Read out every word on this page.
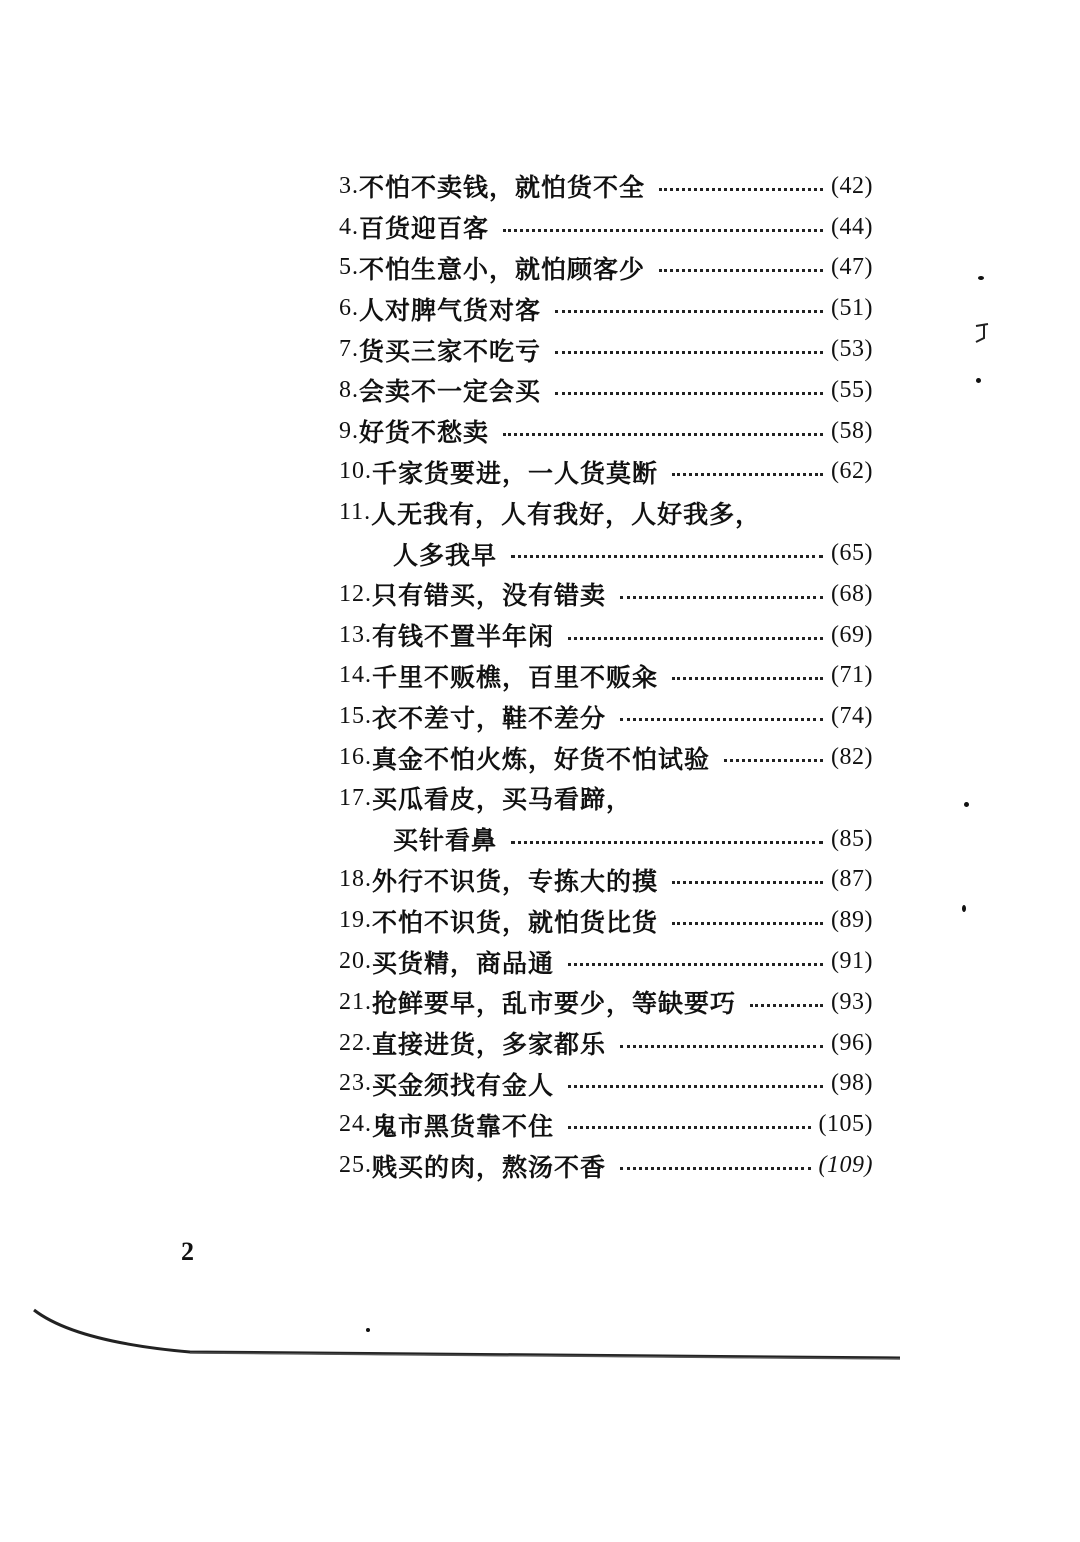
3. 不怕不卖钱，就怕货不全	(42)
4. 百货迎百客	(44)
5. 不怕生意小，就怕顾客少	(47)
6. 人对脾气货对客	(51)
7. 货买三家不吃亏	(53)
8. 会卖不一定会买	(55)
9. 好货不愁卖	(58)
10. 千家货要进，一人货莫断	(62)
11. 人无我有，人有我好，人好我多，
人多我早	(65)
12. 只有错买，没有错卖	(68)
13. 有钱不置半年闲	(69)
14. 千里不贩樵，百里不贩籴	(71)
15. 衣不差寸，鞋不差分	(74)
16. 真金不怕火炼，好货不怕试验	(82)
17. 买瓜看皮，买马看蹄，
买针看鼻	(85)
18. 外行不识货，专拣大的摸	(87)
19. 不怕不识货，就怕货比货	(89)
20. 买货精，商品通	(91)
21. 抢鲜要早，乱市要少，等缺要巧	(93)
22. 直接进货，多家都乐	(96)
23. 买金须找有金人	(98)
24. 鬼市黑货靠不住	(105)
25. 贱买的肉，熬汤不香	(109)
2
